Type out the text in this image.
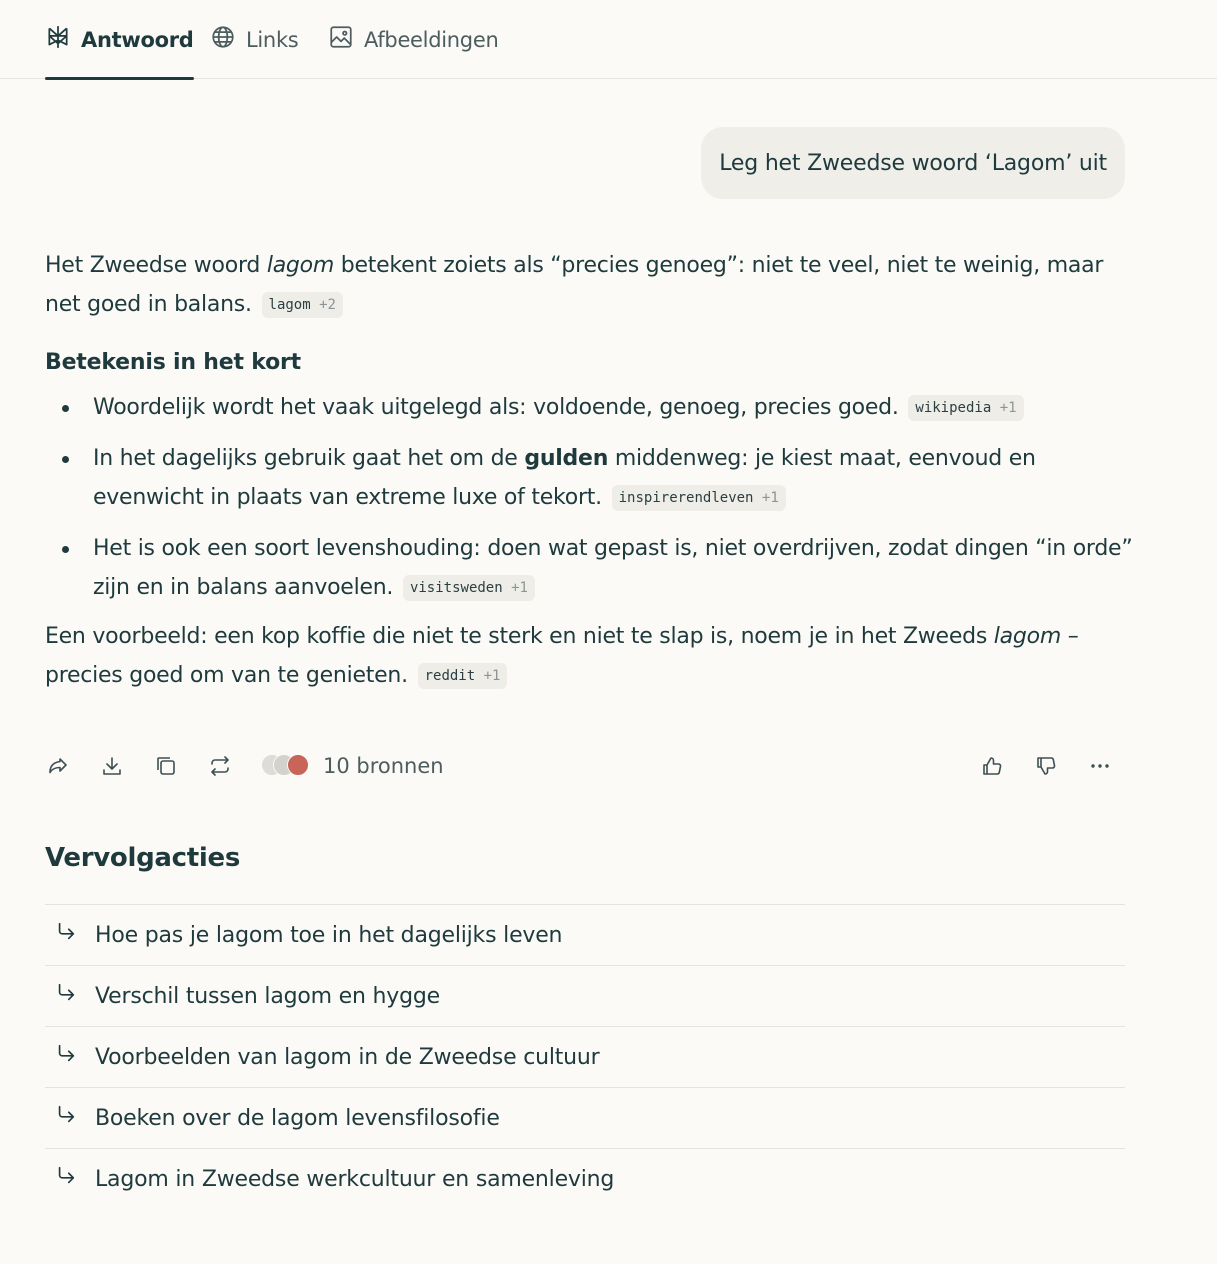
Antwoord	Links	Afbeeldingen
Leg het Zweedse woord ‘Lagom’ uit

Het Zweedse woord lagom betekent zoiets als “precies genoeg”: niet te veel, niet te weinig, maar net goed in balans. lagom +2

Betekenis in het kort
Woordelijk wordt het vaak uitgelegd als: voldoende, genoeg, precies goed. wikipedia +1
In het dagelijks gebruik gaat het om de gulden middenweg: je kiest maat, eenvoud en evenwicht in plaats van extreme luxe of tekort. inspirerendleven +1
Het is ook een soort levenshouding: doen wat gepast is, niet overdrijven, zodat dingen “in orde” zijn en in balans aanvoelen. visitsweden +1

Een voorbeeld: een kop koffie die niet te sterk en niet te slap is, noem je in het Zweeds lagom – precies goed om van te genieten. reddit +1

10 bronnen
Vervolgacties
Hoe pas je lagom toe in het dagelijks leven
Verschil tussen lagom en hygge
Voorbeelden van lagom in de Zweedse cultuur
Boeken over de lagom levensfilosofie
Lagom in Zweedse werkcultuur en samenleving
